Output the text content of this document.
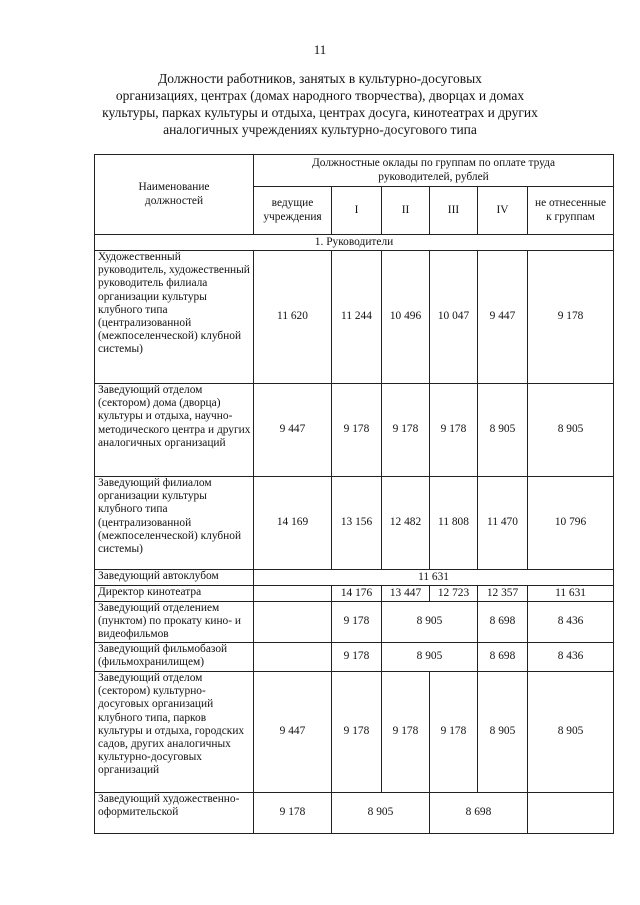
11
Должности работников, занятых в культурно-досуговых
организациях, центрах (домах народного творчества), дворцах и домах
культуры, парках культуры и отдыха, центрах досуга, кинотеатрах и других
аналогичных учреждениях культурно-досугового типа
Наименование должностей	Должностные оклады по группам по оплате труда руководителей, рублей					
	ведущие учреждения	I	II	III	IV	не отнесенные к группам
1. Руководители						
Художественный руководитель, художественный руководитель филиала организации культуры клубного типа (централизованной (межпоселенческой) клубной системы)	11 620	11 244	10 496	10 047	9 447	9 178
Заведующий отделом (сектором) дома (дворца) культуры и отдыха, научно-методического центра и других аналогичных организаций	9 447	9 178	9 178	9 178	8 905	8 905
Заведующий филиалом организации культуры клубного типа (централизованной (межпоселенческой) клубной системы)	14 169	13 156	12 482	11 808	11 470	10 796
Заведующий автоклубом	11 631					
Директор кинотеатра		14 176	13 447	12 723	12 357	11 631
Заведующий отделением (пунктом) по прокату кино- и видеофильмов		9 178	8 905		8 698	8 436
Заведующий фильмобазой (фильмохранилищем)		9 178	8 905		8 698	8 436
Заведующий отделом (сектором) культурно-досуговых организаций клубного типа, парков культуры и отдыха, городских садов, других аналогичных культурно-досуговых организаций	9 447	9 178	9 178	9 178	8 905	8 905
Заведующий художественно-оформительской	9 178	8 905		8 698		
